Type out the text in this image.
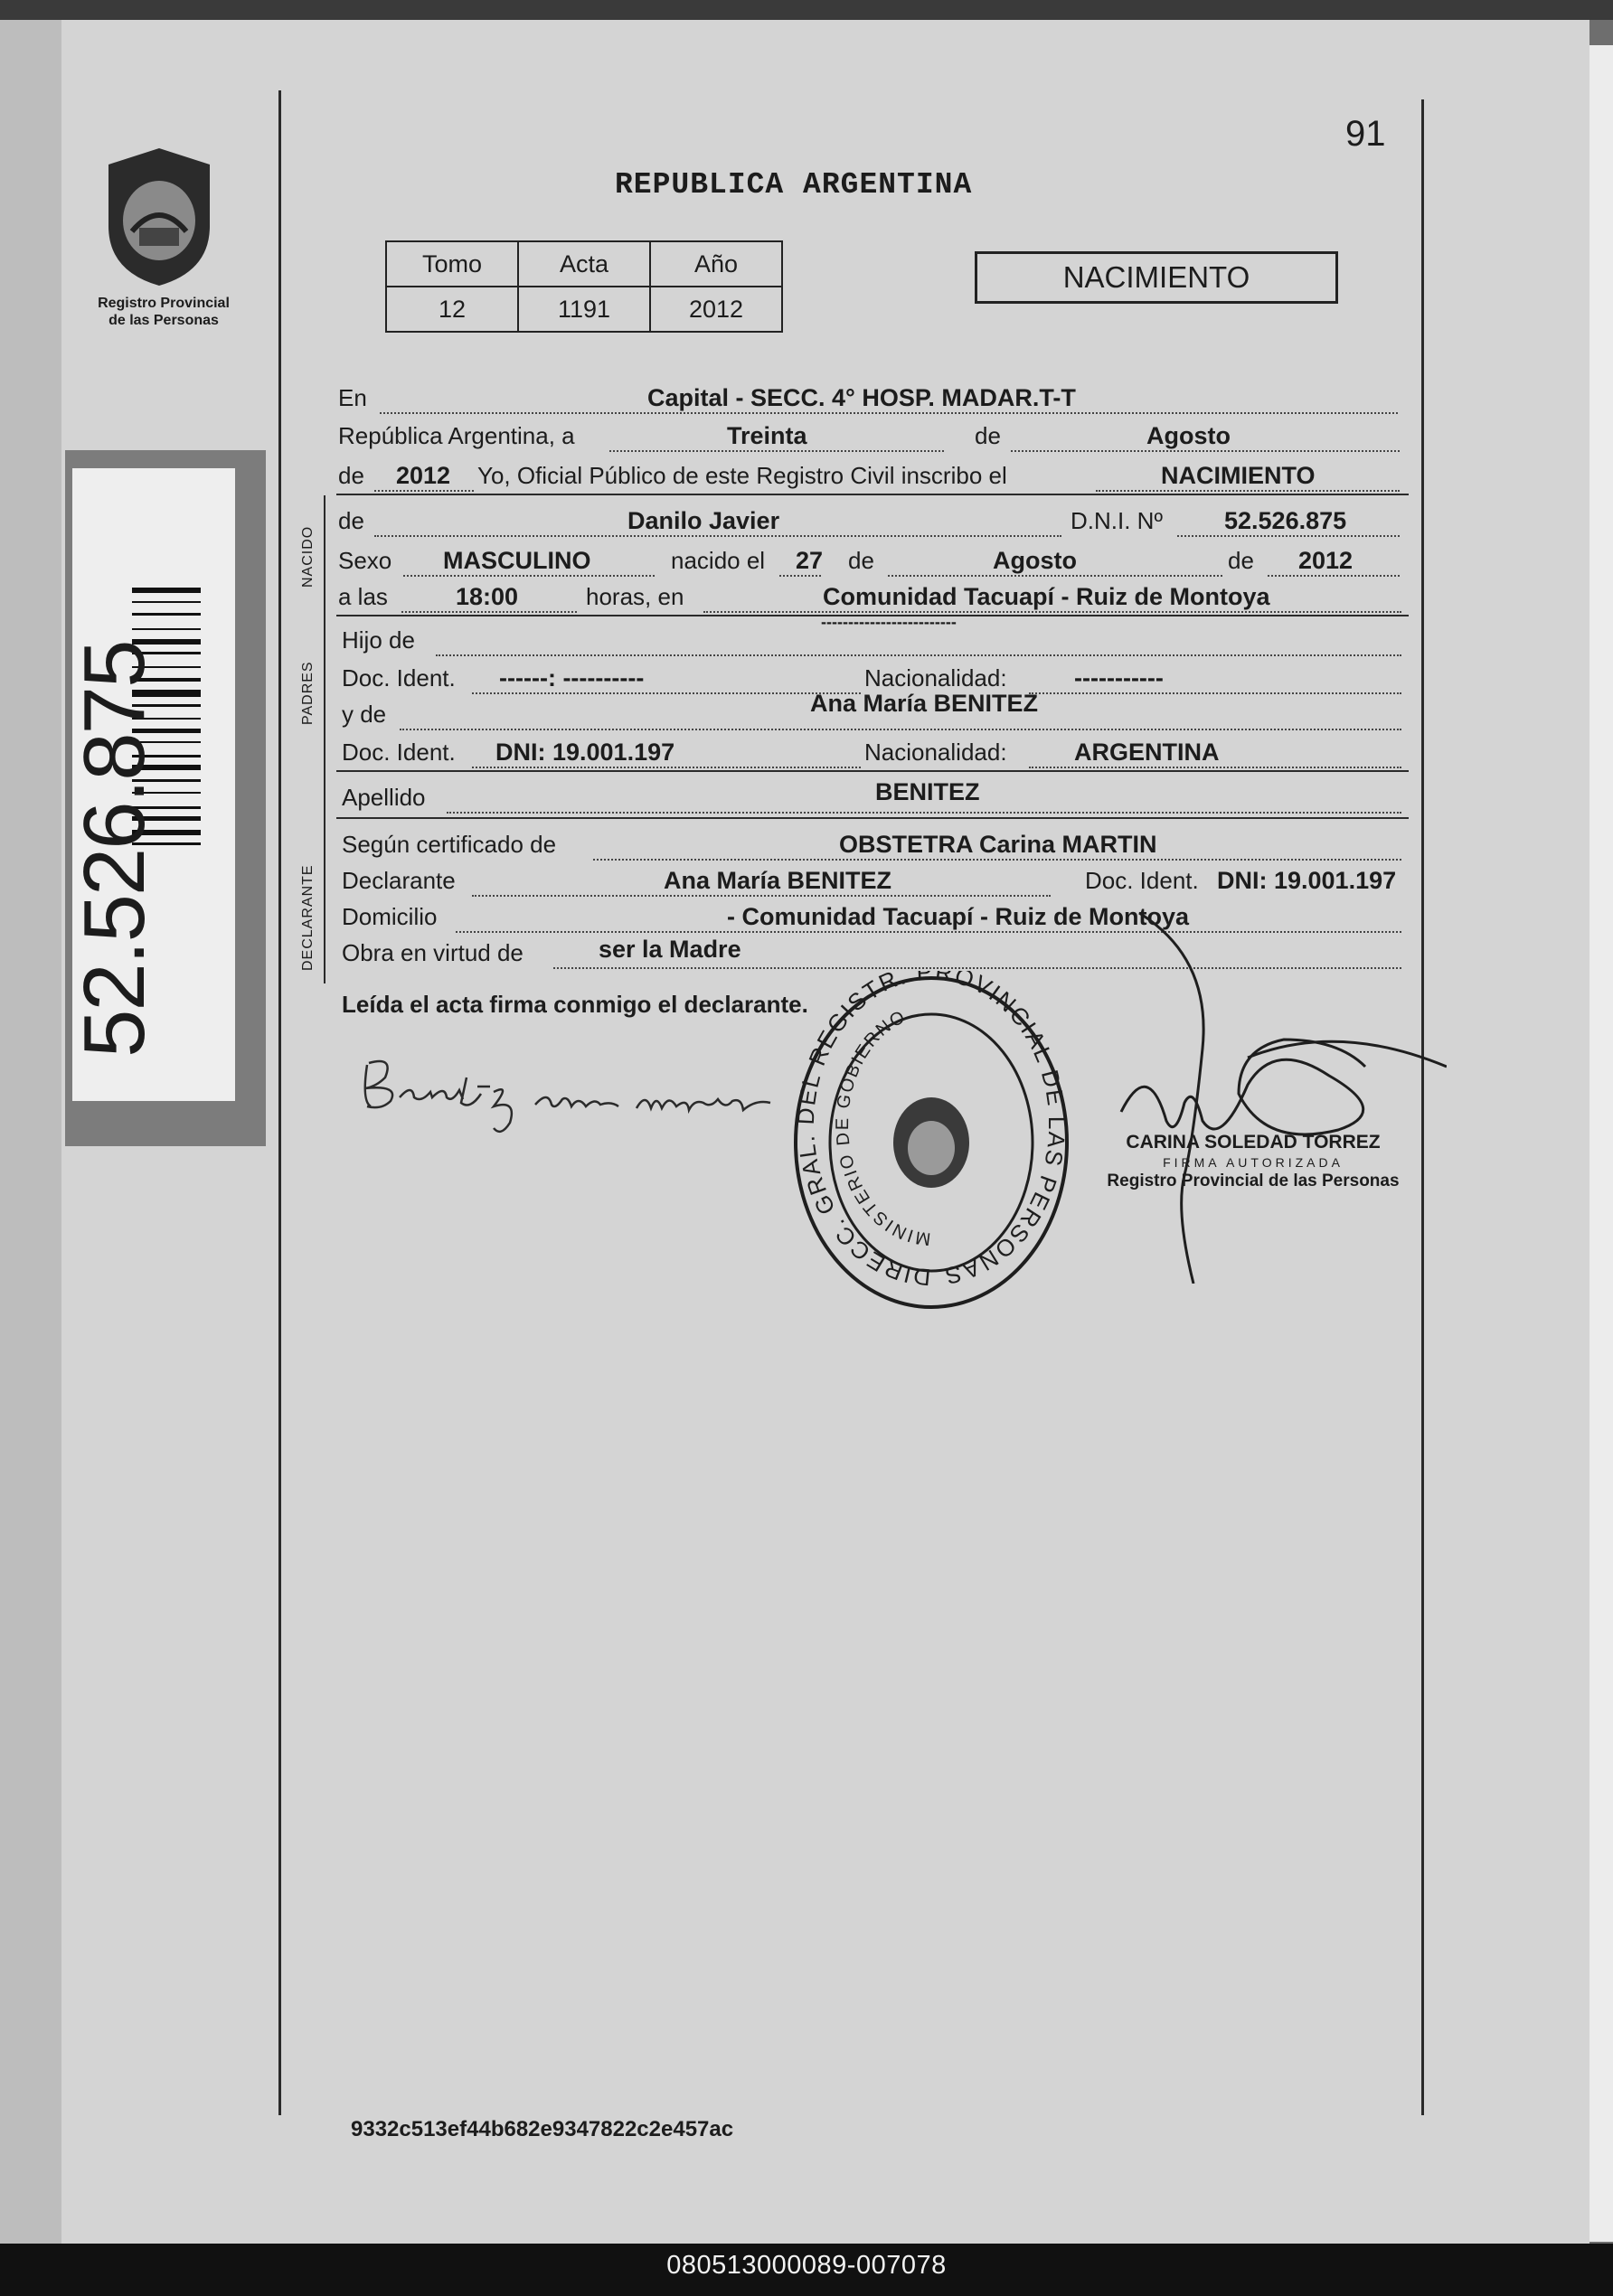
Registro Provincial
de las Personas
52.526.875
91
REPUBLICA ARGENTINA
Tomo	Acta	Año
12	1191	2012
NACIMIENTO
En	Capital - SECC. 4° HOSP. MADAR.T-T
República Argentina, a	Treinta	de	Agosto
de 2012 Yo, Oficial Público de este Registro Civil inscribo el	NACIMIENTO
NACIDO
de	Danilo Javier	D.N.I. Nº	52.526.875
Sexo MASCULINO	nacido el 27 de	Agosto	de 2012
a las	18:00	horas, en	Comunidad Tacuapí - Ruiz de Montoya
PADRES
Hijo de
-------------------------
Doc. Ident. ------: ----------	Nacionalidad:	-----------
y de	Ana María BENITEZ
Doc. Ident. DNI: 19.001.197	Nacionalidad:	ARGENTINA
Apellido	BENITEZ
DECLARANTE
Según certificado de	OBSTETRA Carina MARTIN
Declarante	Ana María BENITEZ	Doc. Ident. DNI: 19.001.197
Domicilio	- Comunidad Tacuapí - Ruiz de Montoya
Obra en virtud de	ser la Madre
Leída el acta firma conmigo el declarante.
DIRECC. GRAL. DEL REGISTR. PROVINCIAL DE LAS PERSONAS
MINISTERIO DE GOBIERNO
CARINA SOLEDAD TORREZ
FIRMA AUTORIZADA
Registro Provincial de las Personas
9332c513ef44b682e9347822c2e457ac
080513000089-007078
